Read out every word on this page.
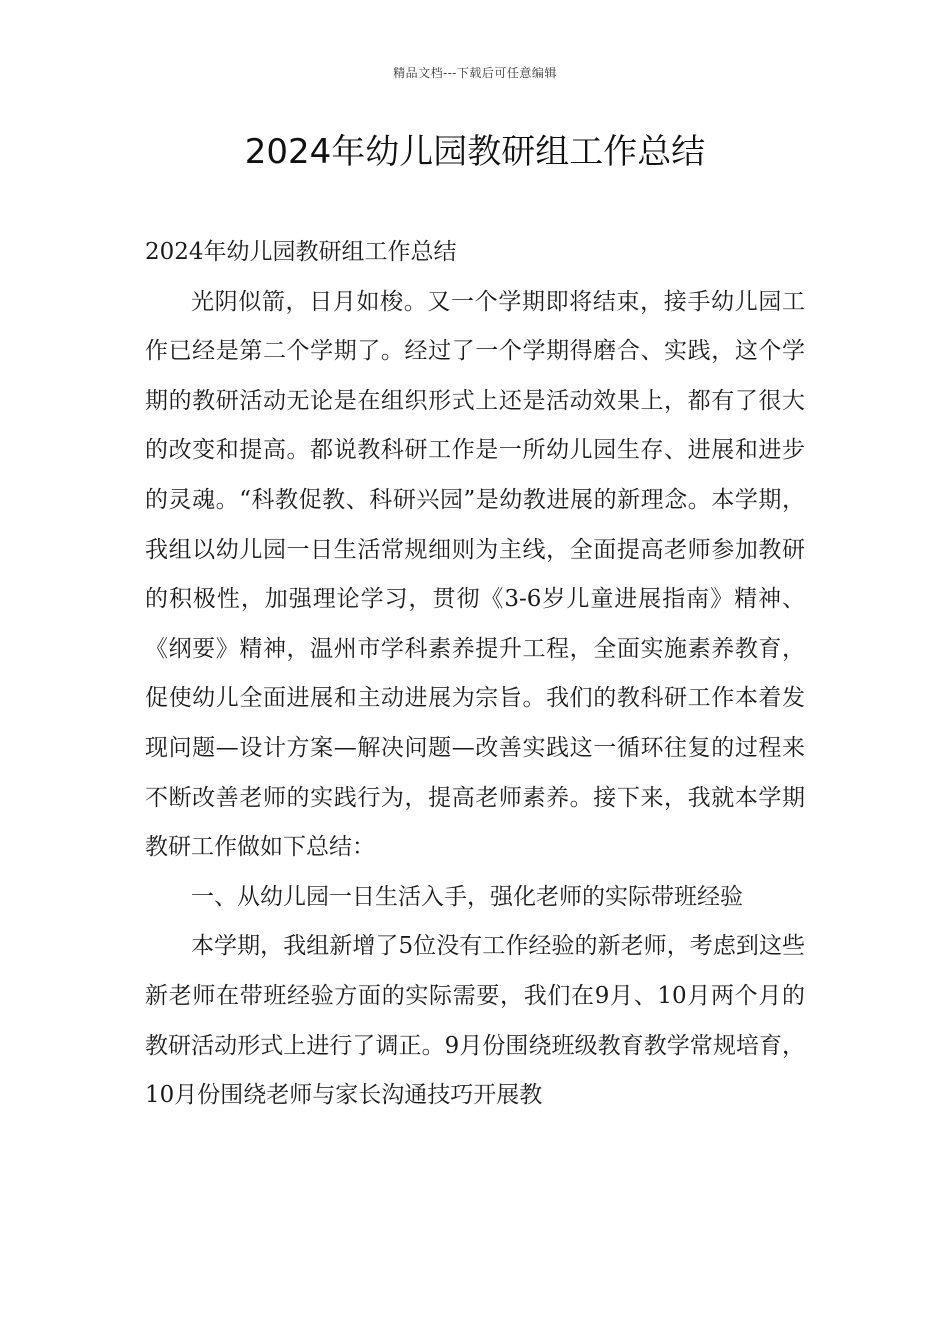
精品文档---下载后可任意编辑
2024年幼儿园教研组工作总结

2024年幼儿园教研组工作总结

光阴似箭，日月如梭。又一个学期即将结束，接手幼儿园工作已经是第二个学期了。经过了一个学期得磨合、实践，这个学期的教研活动无论是在组织形式上还是活动效果上，都有了很大的改变和提高。都说教科研工作是一所幼儿园生存、进展和进步的灵魂。“科教促教、科研兴园”是幼教进展的新理念。本学期，我组以幼儿园一日生活常规细则为主线，全面提高老师参加教研的积极性，加强理论学习，贯彻《3-6岁儿童进展指南》精神、《纲要》精神，温州市学科素养提升工程，全面实施素养教育，促使幼儿全面进展和主动进展为宗旨。我们的教科研工作本着发现问题—设计方案—解决问题—改善实践这一循环往复的过程来不断改善老师的实践行为，提高老师素养。接下来，我就本学期教研工作做如下总结：

一、从幼儿园一日生活入手，强化老师的实际带班经验

本学期，我组新增了5位没有工作经验的新老师，考虑到这些新老师在带班经验方面的实际需要，我们在9月、10月两个月的教研活动形式上进行了调正。9月份围绕班级教育教学常规培育，10月份围绕老师与家长沟通技巧开展教
